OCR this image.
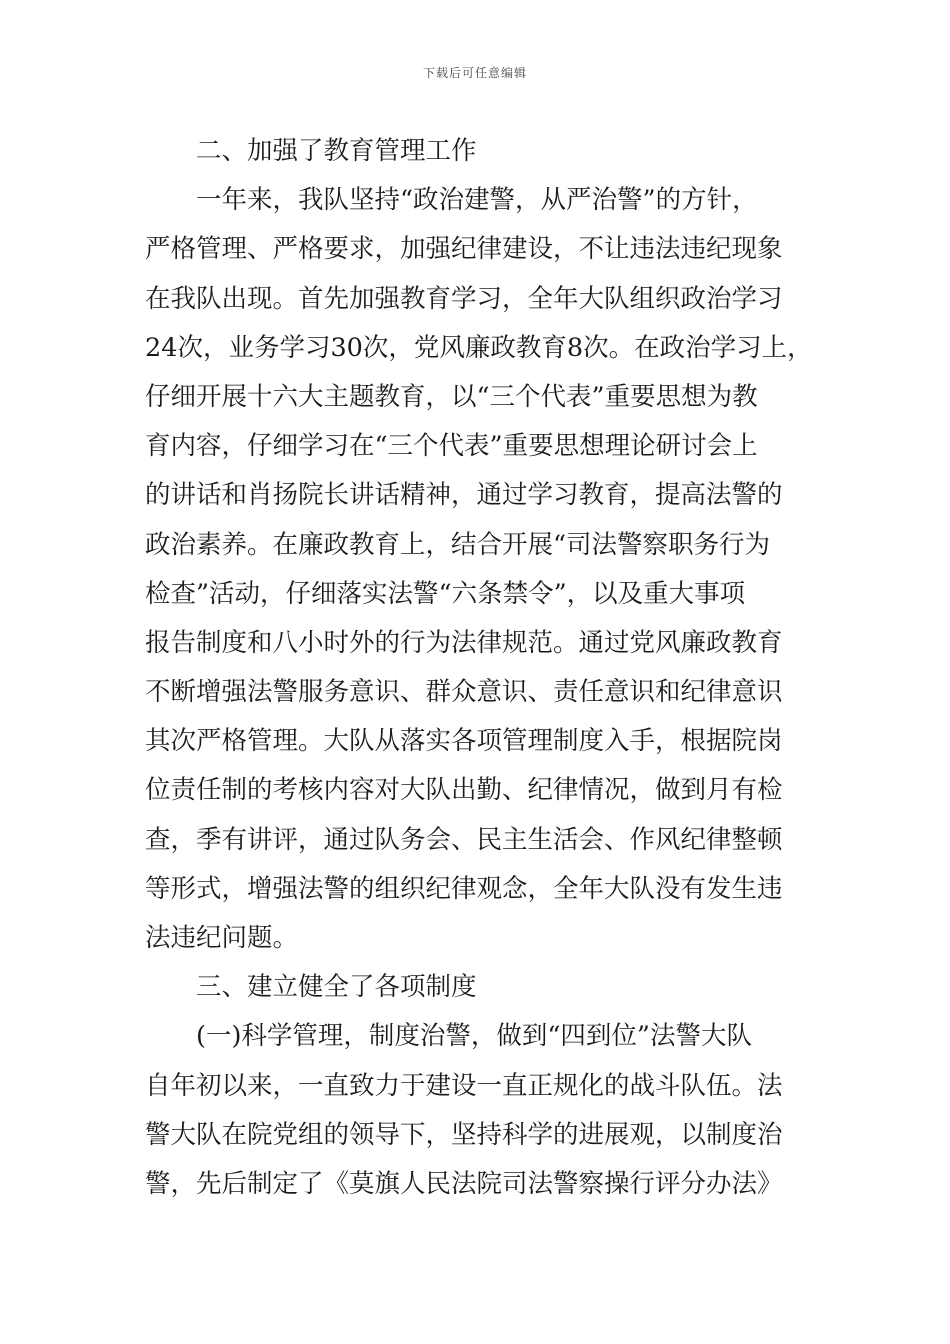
下载后可任意编辑
二、加强了教育管理工作
一年来，我队坚持“政治建警，从严治警”的方针，
严格管理、严格要求，加强纪律建设，不让违法违纪现象
在我队出现。首先加强教育学习，全年大队组织政治学习
24次，业务学习30次，党风廉政教育8次。在政治学习上，
仔细开展十六大主题教育，以“三个代表”重要思想为教
育内容，仔细学习在“三个代表”重要思想理论研讨会上
的讲话和肖扬院长讲话精神，通过学习教育，提高法警的
政治素养。在廉政教育上，结合开展“司法警察职务行为
检查”活动，仔细落实法警“六条禁令”，以及重大事项
报告制度和八小时外的行为法律规范。通过党风廉政教育
不断增强法警服务意识、群众意识、责任意识和纪律意识
其次严格管理。大队从落实各项管理制度入手，根据院岗
位责任制的考核内容对大队出勤、纪律情况，做到月有检
查，季有讲评，通过队务会、民主生活会、作风纪律整顿
等形式，增强法警的组织纪律观念，全年大队没有发生违
法违纪问题。
三、建立健全了各项制度
(一)科学管理，制度治警，做到“四到位”法警大队
自年初以来，一直致力于建设一直正规化的战斗队伍。法
警大队在院党组的领导下，坚持科学的进展观，以制度治
警，先后制定了《莫旗人民法院司法警察操行评分办法》
